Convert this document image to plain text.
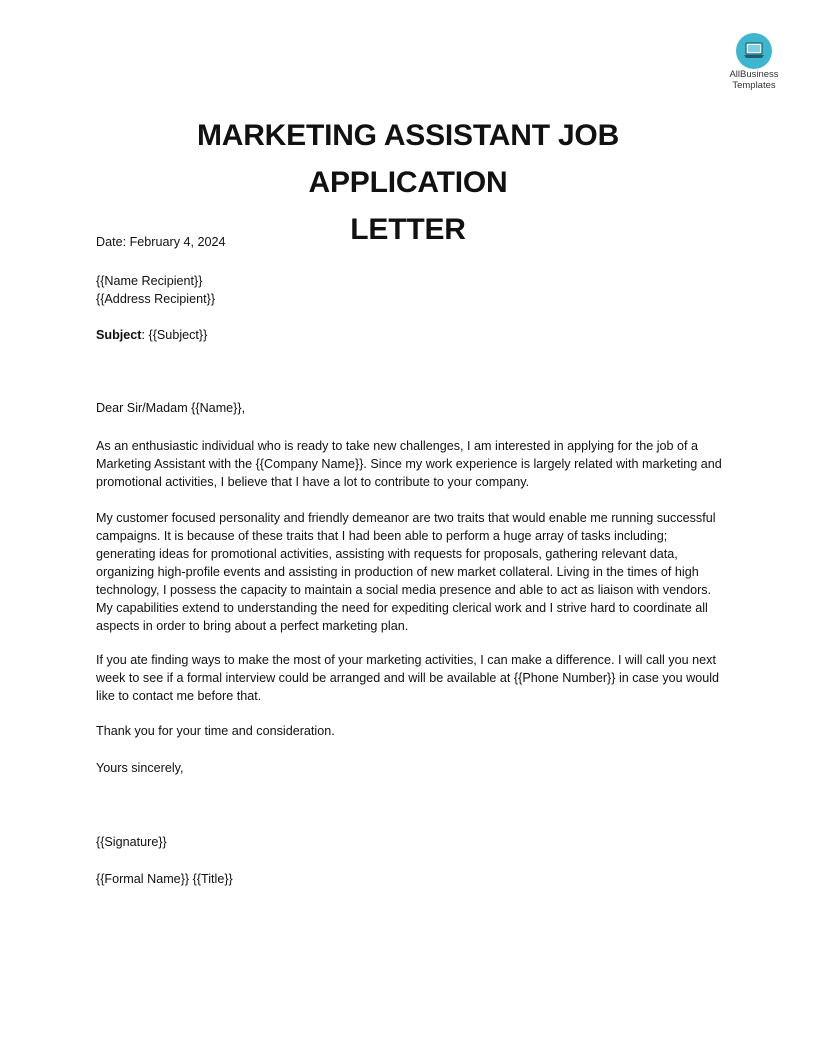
AllBusiness
Templates
MARKETING ASSISTANT JOB APPLICATION
LETTER

Date: February 4, 2024

{{Name Recipient}}

{{Address Recipient}}

Subject: {{Subject}}

Dear Sir/Madam {{Name}},

As an enthusiastic individual who is ready to take new challenges, I am interested in applying for the job of a Marketing Assistant with the {{Company Name}}. Since my work experience is largely related with marketing and promotional activities, I believe that I have a lot to contribute to your company.

My customer focused personality and friendly demeanor are two traits that would enable me running successful campaigns. It is because of these traits that I had been able to perform a huge array of tasks including; generating ideas for promotional activities, assisting with requests for proposals, gathering relevant data, organizing high-profile events and assisting in production of new market collateral. Living in the times of high technology, I possess the capacity to maintain a social media presence and able to act as liaison with vendors. My capabilities extend to understanding the need for expediting clerical work and I strive hard to coordinate all aspects in order to bring about a perfect marketing plan.

If you ate finding ways to make the most of your marketing activities, I can make a difference. I will call you next week to see if a formal interview could be arranged and will be available at {{Phone Number}} in case you would like to contact me before that.

Thank you for your time and consideration.

Yours sincerely,

{{Signature}}

{{Formal Name}} {{Title}}
